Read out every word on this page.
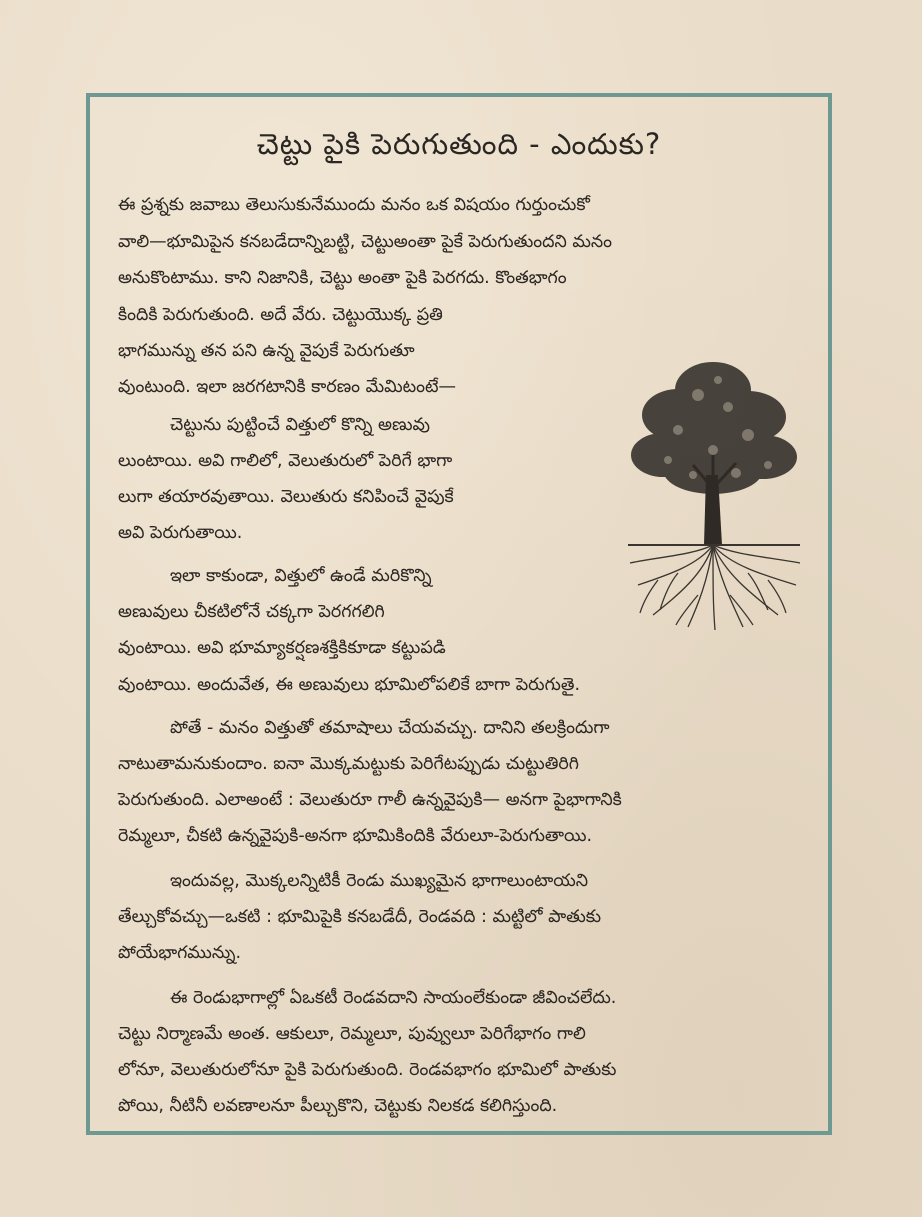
చెట్టు పైకి పెరుగుతుంది - ఎందుకు?
ఈ ప్రశ్నకు జవాబు తెలుసుకునేముందు మనం ఒక విషయం గుర్తుంచుకో
వాలి—భూమిపైన కనబడేదాన్నిబట్టి, చెట్టుఅంతా పైకే పెరుగుతుందని మనం
అనుకొంటాము. కాని నిజానికి, చెట్టు అంతా పైకి పెరగదు. కొంతభాగం
కిందికి పెరుగుతుంది. అదే వేరు. చెట్టుయొక్క ప్రతి
భాగమున్ను తన పని ఉన్న వైపుకే పెరుగుతూ
వుంటుంది. ఇలా జరగటానికి కారణం మేమిటంటే—
చెట్టును పుట్టించే విత్తులో కొన్ని అణువు
లుంటాయి. అవి గాలిలో, వెలుతురులో పెరిగే భాగా
లుగా తయారవుతాయి. వెలుతురు కనిపించే వైపుకే
అవి పెరుగుతాయి.
ఇలా కాకుండా, విత్తులో ఉండే మరికొన్ని
అణువులు చీకటిలోనే చక్కగా పెరగగలిగి
వుంటాయి. అవి భూమ్యాకర్షణశక్తికికూడా కట్టుపడి
వుంటాయి. అందువేత, ఈ అణువులు భూమిలోపలికే బాగా పెరుగుతై.
పోతే - మనం విత్తుతో తమాషాలు చేయవచ్చు. దానిని తలక్రిందుగా
నాటుతామనుకుందాం. ఐనా మొక్కమట్టుకు పెరిగేటప్పుడు చుట్టుతిరిగి
పెరుగుతుంది. ఎలాఅంటే : వెలుతురూ గాలీ ఉన్నవైపుకి— అనగా పైభాగానికి
రెమ్మలూ, చీకటి ఉన్నవైపుకి-అనగా భూమికిందికి వేరులూ-పెరుగుతాయి.
ఇందువల్ల, మొక్కలన్నిటికీ రెండు ముఖ్యమైన భాగాలుంటాయని
తేల్చుకోవచ్చు—ఒకటి : భూమిపైకి కనబడేదీ, రెండవది : మట్టిలో పాతుకు
పోయేభాగమున్ను.
ఈ రెండుభాగాల్లో ఏఒకటీ రెండవదాని సాయంలేకుండా జీవించలేదు.
చెట్టు నిర్మాణమే అంత. ఆకులూ, రెమ్మలూ, పువ్వులూ పెరిగేభాగం గాలి
లోనూ, వెలుతురులోనూ పైకి పెరుగుతుంది. రెండవభాగం భూమిలో పాతుకు
పోయి, నీటినీ లవణాలనూ పీల్చుకొని, చెట్టుకు నిలకడ కలిగిస్తుంది.
